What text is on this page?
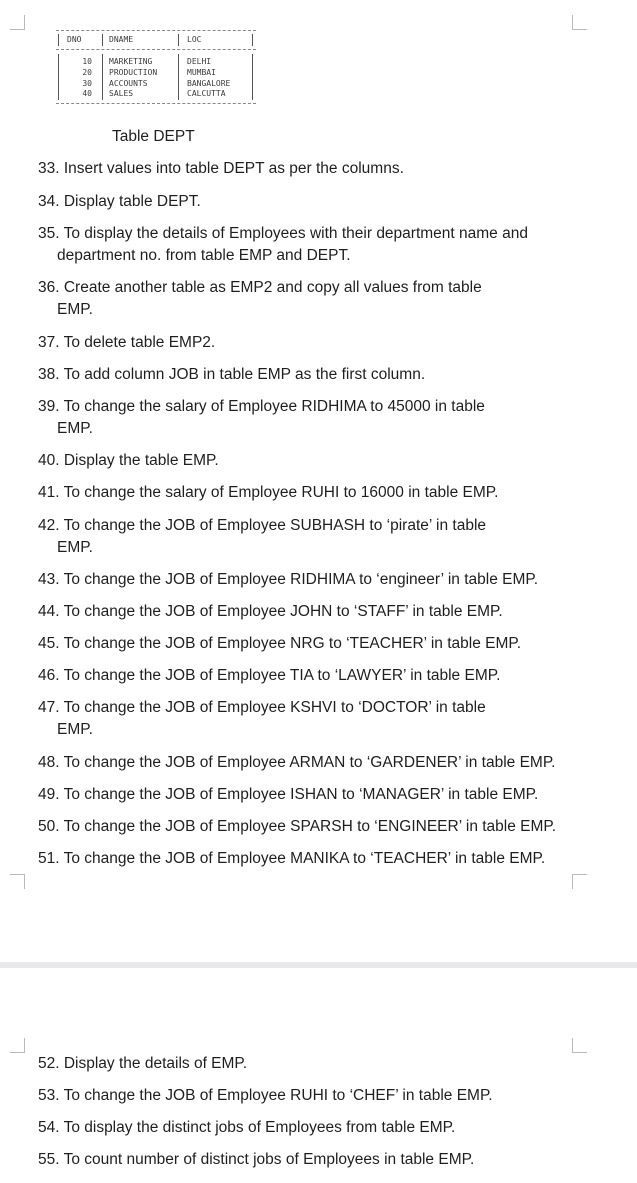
DNO	DNAME	LOC
10 MARKETING	DELHI
20 PRODUCTION	MUMBAI
30 ACCOUNTS	BANGALORE
40 SALES	CALCUTTA
Table DEPT
33. Insert values into table DEPT as per the columns.
34. Display table DEPT.
35. To display the details of Employees with their department name and
department no. from table EMP and DEPT.
36. Create another table as EMP2 and copy all values from table
EMP.
37. To delete table EMP2.
38. To add column JOB in table EMP as the first column.
39. To change the salary of Employee RIDHIMA to 45000 in table
EMP.
40. Display the table EMP.
41. To change the salary of Employee RUHI to 16000 in table EMP.
42. To change the JOB of Employee SUBHASH to ‘pirate’ in table
EMP.
43. To change the JOB of Employee RIDHIMA to ‘engineer’ in table EMP.
44. To change the JOB of Employee JOHN to ‘STAFF’ in table EMP.
45. To change the JOB of Employee NRG to ‘TEACHER’ in table EMP.
46. To change the JOB of Employee TIA to ‘LAWYER’ in table EMP.
47. To change the JOB of Employee KSHVI to ‘DOCTOR’ in table
EMP.
48. To change the JOB of Employee ARMAN to ‘GARDENER’ in table EMP.
49. To change the JOB of Employee ISHAN to ‘MANAGER’ in table EMP.
50. To change the JOB of Employee SPARSH to ‘ENGINEER’ in table EMP.
51. To change the JOB of Employee MANIKA to ‘TEACHER’ in table EMP.
52. Display the details of EMP.
53. To change the JOB of Employee RUHI to ‘CHEF’ in table EMP.
54. To display the distinct jobs of Employees from table EMP.
55. To count number of distinct jobs of Employees in table EMP.
